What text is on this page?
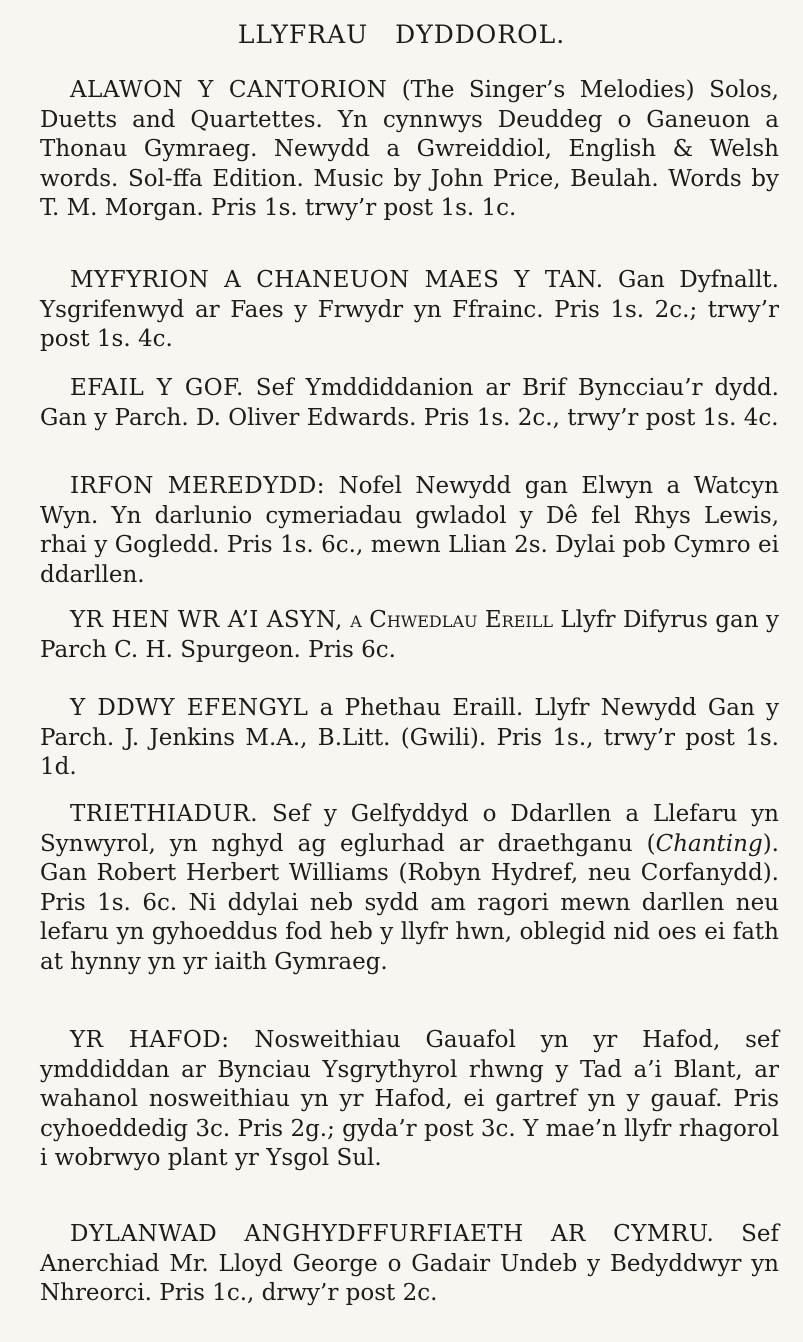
LLYFRAU DYDDOROL.

ALAWON Y CANTORION (The Singer’s Melodies) Solos, Duetts and Quartettes. Yn cynnwys Deuddeg o Ganeuon a Thonau Gymraeg. Newydd a Gwreiddiol, English & Welsh words. Sol-ffa Edition. Music by John Price, Beulah. Words by T. M. Morgan. Pris 1s. trwy’r post 1s. 1c.

MYFYRION A CHANEUON MAES Y TAN. Gan Dyfnallt. Ysgrifenwyd ar Faes y Frwydr yn Ffrainc. Pris 1s. 2c.; trwy’r post 1s. 4c.

EFAIL Y GOF. Sef Ymddiddanion ar Brif Byncciau’r dydd. Gan y Parch. D. Oliver Edwards. Pris 1s. 2c., trwy’r post 1s. 4c.

IRFON MEREDYDD: Nofel Newydd gan Elwyn a Watcyn Wyn. Yn darlunio cymeriadau gwladol y Dê fel Rhys Lewis, rhai y Gogledd. Pris 1s. 6c., mewn Llian 2s. Dylai pob Cymro ei ddarllen.

YR HEN WR A’I ASYN, a Chwedlau Ereill Llyfr Difyrus gan y Parch C. H. Spurgeon. Pris 6c.

Y DDWY EFENGYL a Phethau Eraill. Llyfr Newydd Gan y Parch. J. Jenkins M.A., B.Litt. (Gwili). Pris 1s., trwy’r post 1s. 1d.

TRIETHIADUR. Sef y Gelfyddyd o Ddarllen a Llefaru yn Synwyrol, yn nghyd ag eglurhad ar draethganu (Chanting). Gan Robert Herbert Williams (Robyn Hydref, neu Corfanydd). Pris 1s. 6c. Ni ddylai neb sydd am ragori mewn darllen neu lefaru yn gyhoeddus fod heb y llyfr hwn, oblegid nid oes ei fath at hynny yn yr iaith Gymraeg.

YR HAFOD: Nosweithiau Gauafol yn yr Hafod, sef ymddiddan ar Bynciau Ysgrythyrol rhwng y Tad a’i Blant, ar wahanol nosweithiau yn yr Hafod, ei gartref yn y gauaf. Pris cyhoeddedig 3c. Pris 2g.; gyda’r post 3c. Y mae’n llyfr rhagorol i wobrwyo plant yr Ysgol Sul.

DYLANWAD ANGHYDFFURFIAETH AR CYMRU. Sef Anerchiad Mr. Lloyd George o Gadair Undeb y Bedyddwyr yn Nhreorci. Pris 1c., drwy’r post 2c.
